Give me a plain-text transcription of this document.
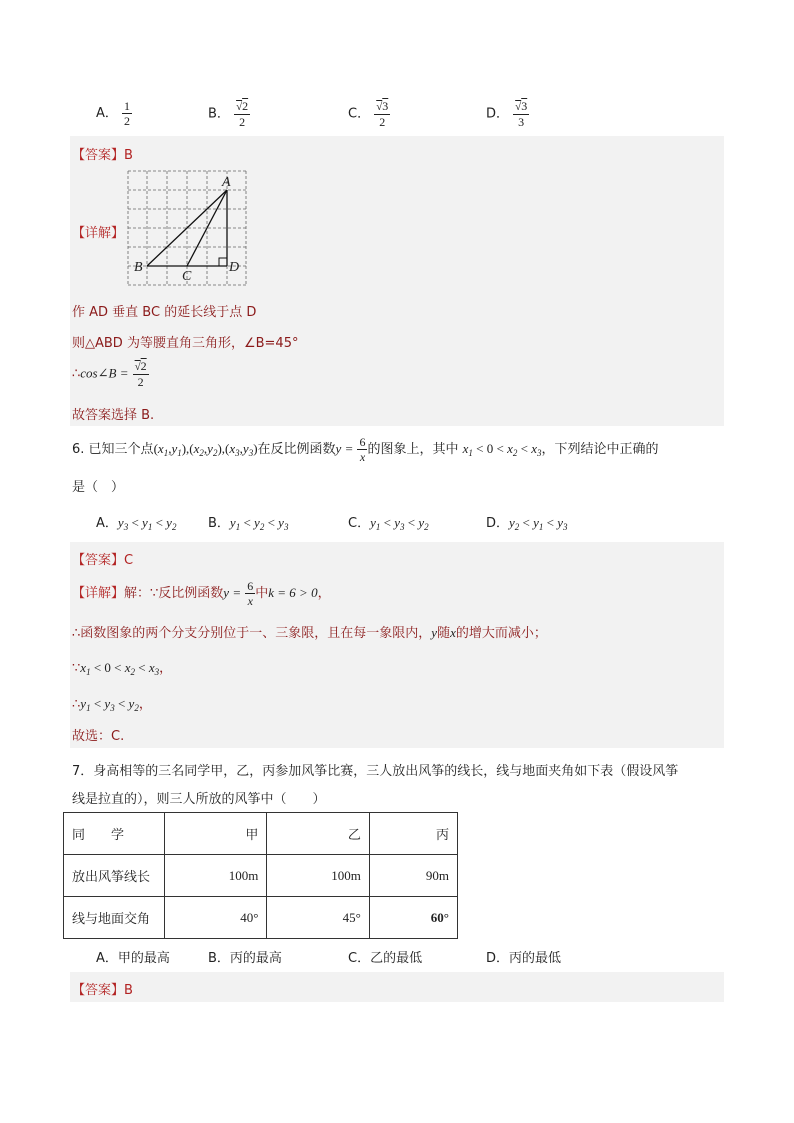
A． $\frac{1}{2}$	B． √ $\frac{2}{2}$	C． √ $\frac{3}{2}$	D． √ $\frac{3}{3}$
【答案】B
【详解】
A
B
C
D
作 AD 垂直 BC 的延长线于点 D
则△ABD 为等腰直角三角形，∠B=45°
∴cos∠B = √ $\frac{2}{2}$
故答案选择 B.
6. 已知三个点$(x_1,y_1),(x_2,y_2),(x_3,y_3)$在反比例函数$y = \frac{6}{x}$ 的图象上，其中 $x_1 < 0 < x_2 < x_3$，下列结论中正确的
是（　）
A．$y_3 < y_1 < y_2$ B．$y_1 < y_2 < y_3$	C．$y_1 < y_3 < y_2$	D．$y_2 < y_1 < y_3$
【答案】C
【详解】解：∵反比例函数$y = \frac{6}{x}$ 中k = 6 > 0，
∴函数图象的两个分支分别位于一、三象限，且在每一象限内，y随x的增大而减小；
$\because x_1 < 0 < x_2 < x_3$，
$\therefore y_1 < y_3 < y_2$，
故选：C.
7．身高相等的三名同学甲，乙，丙参加风筝比赛，三人放出风筝的线长，线与地面夹角如下表（假设风筝
线是拉直的），则三人所放的风筝中（　　）
同　　学	甲	乙	丙
放出风筝线长	100m	100m	90m
线与地面交角	40°	45°	60°
A．甲的最高	B．丙的最高	C．乙的最低	D．丙的最低
【答案】B
